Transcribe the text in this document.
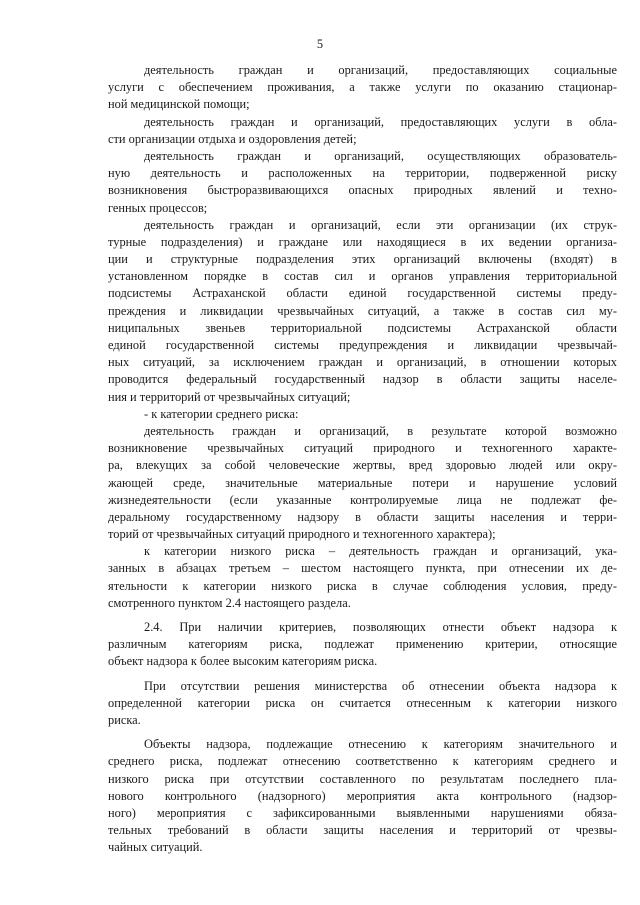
5
деятельность граждан и организаций, предоставляющих социальные
услуги с обеспечением проживания, а также услуги по оказанию стационар-
ной медицинской помощи;
деятельность граждан и организаций, предоставляющих услуги в обла-
сти организации отдыха и оздоровления детей;
деятельность граждан и организаций, осуществляющих образователь-
ную деятельность и расположенных на территории, подверженной риску
возникновения быстроразвивающихся опасных природных явлений и техно-
генных процессов;
деятельность граждан и организаций, если эти организации (их струк-
турные подразделения) и граждане или находящиеся в их ведении организа-
ции и структурные подразделения этих организаций включены (входят) в
установленном порядке в состав сил и органов управления территориальной
подсистемы Астраханской области единой государственной системы преду-
преждения и ликвидации чрезвычайных ситуаций, а также в состав сил му-
ниципальных звеньев территориальной подсистемы Астраханской области
единой государственной системы предупреждения и ликвидации чрезвычай-
ных ситуаций, за исключением граждан и организаций, в отношении которых
проводится федеральный государственный надзор в области защиты населе-
ния и территорий от чрезвычайных ситуаций;
- к категории среднего риска:
деятельность граждан и организаций, в результате которой возможно
возникновение чрезвычайных ситуаций природного и техногенного характе-
ра, влекущих за собой человеческие жертвы, вред здоровью людей или окру-
жающей среде, значительные материальные потери и нарушение условий
жизнедеятельности (если указанные контролируемые лица не подлежат фе-
деральному государственному надзору в области защиты населения и терри-
торий от чрезвычайных ситуаций природного и техногенного характера);
к категории низкого риска – деятельность граждан и организаций, ука-
занных в абзацах третьем – шестом настоящего пункта, при отнесении их де-
ятельности к категории низкого риска в случае соблюдения условия, преду-
смотренного пунктом 2.4 настоящего раздела.
2.4. При наличии критериев, позволяющих отнести объект надзора к
различным категориям риска, подлежат применению критерии, относящие
объект надзора к более высоким категориям риска.
При отсутствии решения министерства об отнесении объекта надзора к
определенной категории риска он считается отнесенным к категории низкого
риска.
Объекты надзора, подлежащие отнесению к категориям значительного и
среднего риска, подлежат отнесению соответственно к категориям среднего и
низкого риска при отсутствии составленного по результатам последнего пла-
нового контрольного (надзорного) мероприятия акта контрольного (надзор-
ного) мероприятия с зафиксированными выявленными нарушениями обяза-
тельных требований в области защиты населения и территорий от чрезвы-
чайных ситуаций.
